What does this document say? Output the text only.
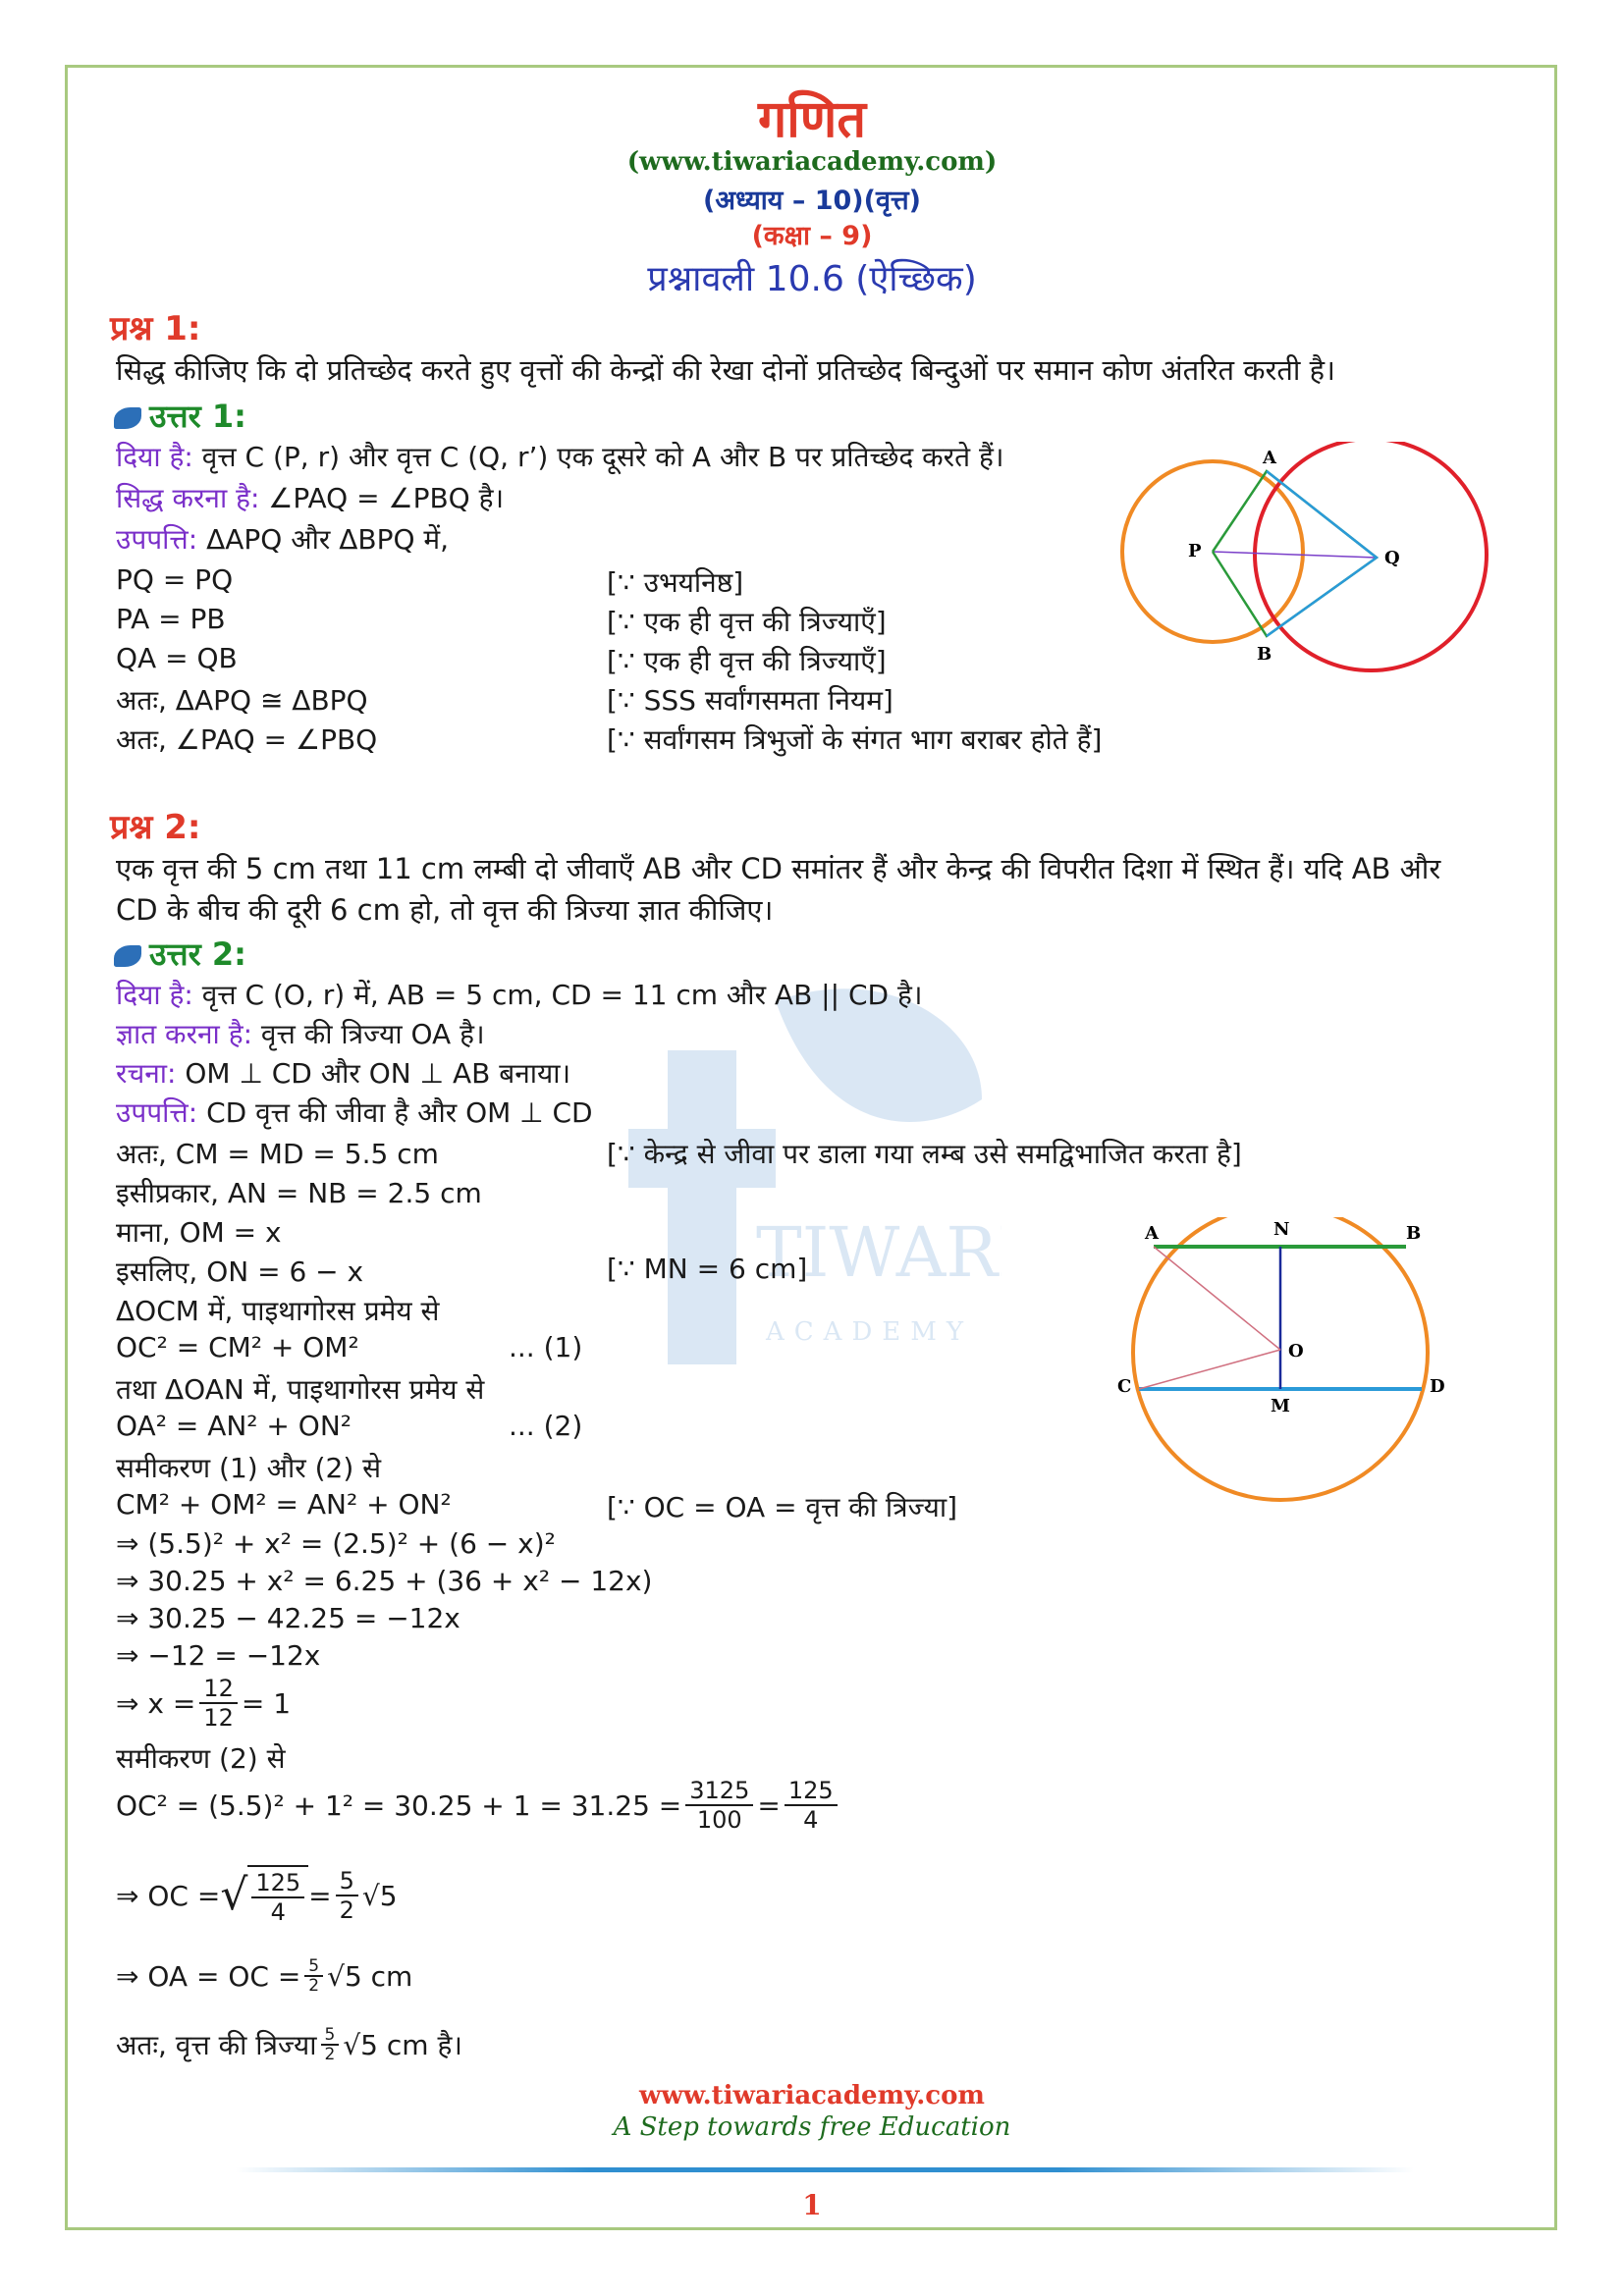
TIWARI
ACADEMY
गणित
(www.tiwariacademy.com)
(अध्याय – 10)(वृत्त)
(कक्षा – 9)
प्रश्नावली 10.6 (ऐच्छिक)
प्रश्न 1:
सिद्ध कीजिए कि दो प्रतिच्छेद करते हुए वृत्तों की केन्द्रों की रेखा दोनों प्रतिच्छेद बिन्दुओं पर समान कोण अंतरित करती है।
उत्तर 1:
दिया है: वृत्त C (P, r) और वृत्त C (Q, r’) एक दूसरे को A और B पर प्रतिच्छेद करते हैं।
सिद्ध करना है: ∠PAQ = ∠PBQ है।
उपपत्ति: ΔAPQ और ΔBPQ में,
PQ = PQ	[∵ उभयनिष्ठ]
PA = PB	[∵ एक ही वृत्त की त्रिज्याएँ]
QA = QB	[∵ एक ही वृत्त की त्रिज्याएँ]
अतः, ΔAPQ ≅ ΔBPQ	[∵ SSS सर्वांगसमता नियम]
अतः, ∠PAQ = ∠PBQ	[∵ सर्वांगसम त्रिभुजों के संगत भाग बराबर होते हैं]
A
B
P	Q
प्रश्न 2:
एक वृत्त की 5 cm तथा 11 cm लम्बी दो जीवाएँ AB और CD समांतर हैं और केन्द्र की विपरीत दिशा में स्थित हैं। यदि AB और
CD के बीच की दूरी 6 cm हो, तो वृत्त की त्रिज्या ज्ञात कीजिए।
उत्तर 2:
दिया है: वृत्त C (O, r) में, AB = 5 cm, CD = 11 cm और AB || CD है।
ज्ञात करना है: वृत्त की त्रिज्या OA है।
रचना: OM ⊥ CD और ON ⊥ AB बनाया।
उपपत्ति: CD वृत्त की जीवा है और OM ⊥ CD
अतः, CM = MD = 5.5 cm	[∵ केन्द्र से जीवा पर डाला गया लम्ब उसे समद्विभाजित करता है]
इसीप्रकार, AN = NB = 2.5 cm
माना, OM = x
इसलिए, ON = 6 − x	[∵ MN = 6 cm]
ΔOCM में, पाइथागोरस प्रमेय से
OC² = CM² + OM²	... (1)
तथा ΔOAN में, पाइथागोरस प्रमेय से
OA² = AN² + ON²	... (2)
समीकरण (1) और (2) से
CM² + OM² = AN² + ON²	[∵ OC = OA = वृत्त की त्रिज्या]
⇒ (5.5)² + x² = (2.5)² + (6 − x)²
⇒ 30.25 + x² = 6.25 + (36 + x² − 12x)
⇒ 30.25 − 42.25 = −12x
⇒ −12 = −12x
⇒ $x = \frac{12}{12} = 1$
समीकरण (2) से
$OC^2 = (5.5)^2 + 1^2 = 30.25 + 1 = 31.25 = \frac{3125}{100} = \frac{125}{4}$
⇒ OC = √ $\frac{125}{4} = \frac{5}{2} √5$
⇒ OA = OC = $\frac{5}{2} √5$ cm
अतः, वृत्त की त्रिज्या $\frac{5}{2} √5$ cm है।
A	B
N
O
C	D
M
www.tiwariacademy.com
A Step towards free Education
1
